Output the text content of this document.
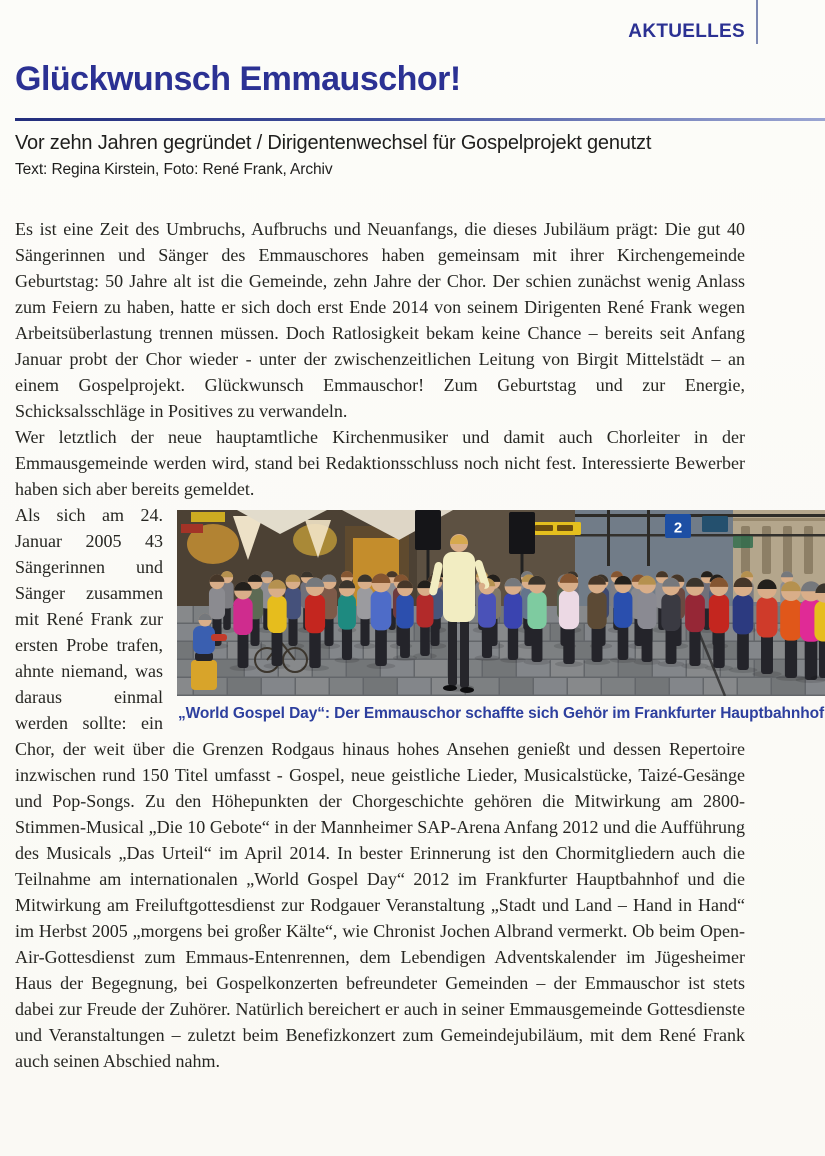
AKTUELLES
Glückwunsch Emmauschor!
Vor zehn Jahren gegründet / Dirigentenwechsel für Gospelprojekt genutzt
Text: Regina Kirstein, Foto: René Frank, Archiv

Es ist eine Zeit des Umbruchs, Aufbruchs und Neuanfangs, die dieses Jubiläum prägt: Die gut 40 Sängerinnen und Sänger des Emmauschores haben gemeinsam mit ihrer Kirchengemeinde Geburtstag: 50 Jahre alt ist die Gemeinde, zehn Jahre der Chor. Der schien zunächst wenig Anlass zum Feiern zu haben, hatte er sich doch erst Ende 2014 von seinem Dirigenten René Frank wegen Arbeitsüberlastung trennen müssen. Doch Ratlosigkeit bekam keine Chance – bereits seit Anfang Januar probt der Chor wieder - unter der zwischenzeitlichen Leitung von Birgit Mittelstädt – an einem Gospelprojekt. Glückwunsch Emmauschor! Zum Geburtstag und zur Energie, Schicksalsschläge in Positives zu verwandeln.

Wer letztlich der neue hauptamtliche Kirchenmusiker und damit auch Chorleiter in der Emmausgemeinde werden wird, stand bei Redaktionsschluss noch nicht fest. Interessierte Bewerber haben sich aber bereits gemeldet.

2
„World Gospel Day“: Der Emmauschor schaffte sich Gehör im Frankfurter Hauptbahnhof

Als sich am 24. Januar 2005 43 Sängerinnen und Sänger zusammen mit René Frank zur ersten Probe trafen, ahnte niemand, was daraus einmal werden sollte: ein Chor, der weit über die Grenzen Rodgaus hinaus hohes Ansehen genießt und dessen Repertoire inzwischen rund 150 Titel umfasst - Gospel, neue geistliche Lieder, Musicalstücke, Taizé-Gesänge und Pop-Songs. Zu den Höhepunkten der Chorgeschichte gehören die Mitwirkung am 2800-Stimmen-Musical „Die 10 Gebote“ in der Mannheimer SAP-Arena Anfang 2012 und die Aufführung des Musicals „Das Urteil“ im April 2014. In bester Erinnerung ist den Chormitgliedern auch die Teilnahme am internationalen „World Gospel Day“ 2012 im Frankfurter Hauptbahnhof und die Mitwirkung am Freiluftgottesdienst zur Rodgauer Veranstaltung „Stadt und Land – Hand in Hand“ im Herbst 2005 „morgens bei großer Kälte“, wie Chronist Jochen Albrand vermerkt. Ob beim Open-Air-Gottesdienst zum Emmaus-Entenrennen, dem Lebendigen Adventskalender im Jügesheimer Haus der Begegnung, bei Gospelkonzerten befreundeter Gemeinden – der Emmauschor ist stets dabei zur Freude der Zuhörer. Natürlich bereichert er auch in seiner Emmausgemeinde Gottesdienste und Veranstaltungen – zuletzt beim Benefizkonzert zum Gemeindejubiläum, mit dem René Frank auch seinen Abschied nahm.
